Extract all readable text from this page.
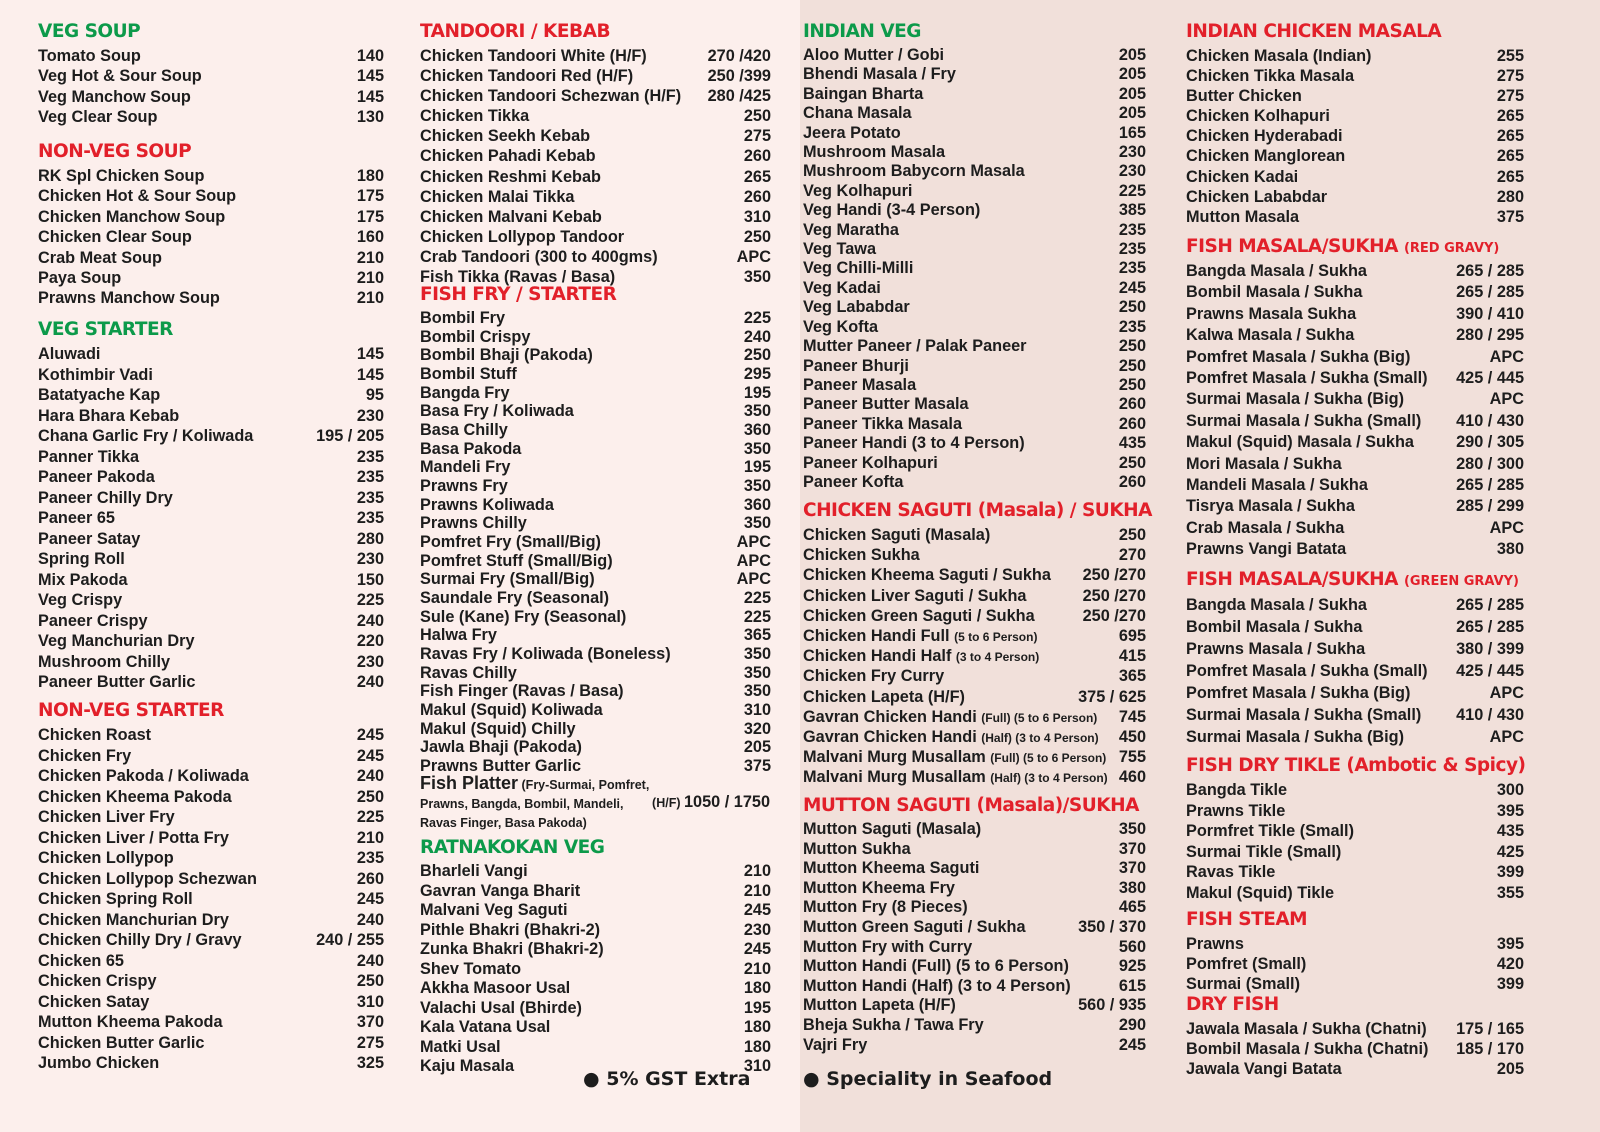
VEG SOUP
Tomato Soup	140
Veg Hot & Sour Soup	145
Veg Manchow Soup	145
Veg Clear Soup	130
NON-VEG SOUP
RK Spl Chicken Soup	180
Chicken Hot & Sour Soup	175
Chicken Manchow Soup	175
Chicken Clear Soup	160
Crab Meat Soup	210
Paya Soup	210
Prawns Manchow Soup	210
VEG STARTER
Aluwadi	145
Kothimbir Vadi	145
Batatyache Kap	95
Hara Bhara Kebab	230
Chana Garlic Fry / Koliwada	195 / 205
Panner Tikka	235
Paneer Pakoda	235
Paneer Chilly Dry	235
Paneer 65	235
Paneer Satay	280
Spring Roll	230
Mix Pakoda	150
Veg Crispy	225
Paneer Crispy	240
Veg Manchurian Dry	220
Mushroom Chilly	230
Paneer Butter Garlic	240
NON-VEG STARTER
Chicken Roast	245
Chicken Fry	245
Chicken Pakoda / Koliwada	240
Chicken Kheema Pakoda	250
Chicken Liver Fry	225
Chicken Liver / Potta Fry	210
Chicken Lollypop	235
Chicken Lollypop Schezwan	260
Chicken Spring Roll	245
Chicken Manchurian Dry	240
Chicken Chilly Dry / Gravy	240 / 255
Chicken 65	240
Chicken Crispy	250
Chicken Satay	310
Mutton Kheema Pakoda	370
Chicken Butter Garlic	275
Jumbo Chicken	325
TANDOORI / KEBAB
Chicken Tandoori White (H/F)	270 /420
Chicken Tandoori Red (H/F)	250 /399
Chicken Tandoori Schezwan (H/F) 280 /425
Chicken Tikka	250
Chicken Seekh Kebab	275
Chicken Pahadi Kebab	260
Chicken Reshmi Kebab	265
Chicken Malai Tikka	260
Chicken Malvani Kebab	310
Chicken Lollypop Tandoor	250
Crab Tandoori (300 to 400gms)	APC
Fish Tikka (Ravas / Basa)	350
FISH FRY / STARTER
Bombil Fry	225
Bombil Crispy	240
Bombil Bhaji (Pakoda)	250
Bombil Stuff	295
Bangda Fry	195
Basa Fry / Koliwada	350
Basa Chilly	360
Basa Pakoda	350
Mandeli Fry	195
Prawns Fry	350
Prawns Koliwada	360
Prawns Chilly	350
Pomfret Fry (Small/Big)	APC
Pomfret Stuff (Small/Big)	APC
Surmai Fry (Small/Big)	APC
Saundale Fry (Seasonal)	225
Sule (Kane) Fry (Seasonal)	225
Halwa Fry	365
Ravas Fry / Koliwada (Boneless)	350
Ravas Chilly	350
Fish Finger (Ravas / Basa)	350
Makul (Squid) Koliwada	310
Makul (Squid) Chilly	320
Jawla Bhaji (Pakoda)	205
Prawns Butter Garlic	375
Fish Platter (Fry-Surmai, Pomfret,
Prawns, Bangda, Bombil, Mandeli,
Ravas Finger, Basa Pakoda)
(H/F) 1050 / 1750
RATNAKOKAN VEG
Bharleli Vangi	210
Gavran Vanga Bharit	210
Malvani Veg Saguti	245
Pithle Bhakri (Bhakri-2)	230
Zunka Bhakri (Bhakri-2)	245
Shev Tomato	210
Akkha Masoor Usal	180
Valachi Usal (Bhirde)	195
Kala Vatana Usal	180
Matki Usal	180
Kaju Masala	310
INDIAN VEG
Aloo Mutter / Gobi	205
Bhendi Masala / Fry	205
Baingan Bharta	205
Chana Masala	205
Jeera Potato	165
Mushroom Masala	230
Mushroom Babycorn Masala	230
Veg Kolhapuri	225
Veg Handi (3-4 Person)	385
Veg Maratha	235
Veg Tawa	235
Veg Chilli-Milli	235
Veg Kadai	245
Veg Lababdar	250
Veg Kofta	235
Mutter Paneer / Palak Paneer	250
Paneer Bhurji	250
Paneer Masala	250
Paneer Butter Masala	260
Paneer Tikka Masala	260
Paneer Handi (3 to 4 Person)	435
Paneer Kolhapuri	250
Paneer Kofta	260
CHICKEN SAGUTI (Masala) / SUKHA
Chicken Saguti (Masala)	250
Chicken Sukha	270
Chicken Kheema Saguti / Sukha 250 /270
Chicken Liver Saguti / Sukha	250 /270
Chicken Green Saguti / Sukha	250 /270
Chicken Handi Full (5 to 6 Person)	695
Chicken Handi Half (3 to 4 Person)	415
Chicken Fry Curry	365
Chicken Lapeta (H/F)	375 / 625
Gavran Chicken Handi (Full) (5 to 6 Person) 745
Gavran Chicken Handi (Half) (3 to 4 Person) 450
Malvani Murg Musallam (Full) (5 to 6 Person) 755
Malvani Murg Musallam (Half) (3 to 4 Person) 460
MUTTON SAGUTI (Masala)/SUKHA
Mutton Saguti (Masala)	350
Mutton Sukha	370
Mutton Kheema Saguti	370
Mutton Kheema Fry	380
Mutton Fry (8 Pieces)	465
Mutton Green Saguti / Sukha	350 / 370
Mutton Fry with Curry	560
Mutton Handi (Full) (5 to 6 Person)	925
Mutton Handi (Half) (3 to 4 Person)	615
Mutton Lapeta (H/F)	560 / 935
Bheja Sukha / Tawa Fry	290
Vajri Fry	245
INDIAN CHICKEN MASALA
Chicken Masala (Indian)	255
Chicken Tikka Masala	275
Butter Chicken	275
Chicken Kolhapuri	265
Chicken Hyderabadi	265
Chicken Manglorean	265
Chicken Kadai	265
Chicken Lababdar	280
Mutton Masala	375
FISH MASALA/SUKHA (RED GRAVY)
Bangda Masala / Sukha	265 / 285
Bombil Masala / Sukha	265 / 285
Prawns Masala Sukha	390 / 410
Kalwa Masala / Sukha	280 / 295
Pomfret Masala / Sukha (Big)	APC
Pomfret Masala / Sukha (Small) 425 / 445
Surmai Masala / Sukha (Big)	APC
Surmai Masala / Sukha (Small) 410 / 430
Makul (Squid) Masala / Sukha	290 / 305
Mori Masala / Sukha	280 / 300
Mandeli Masala / Sukha	265 / 285
Tisrya Masala / Sukha	285 / 299
Crab Masala / Sukha	APC
Prawns Vangi Batata	380
FISH MASALA/SUKHA (GREEN GRAVY)
Bangda Masala / Sukha	265 / 285
Bombil Masala / Sukha	265 / 285
Prawns Masala / Sukha	380 / 399
Pomfret Masala / Sukha (Small) 425 / 445
Pomfret Masala / Sukha (Big)	APC
Surmai Masala / Sukha (Small) 410 / 430
Surmai Masala / Sukha (Big)	APC
FISH DRY TIKLE (Ambotic & Spicy)
Bangda Tikle	300
Prawns Tikle	395
Pormfret Tikle (Small)	435
Surmai Tikle (Small)	425
Ravas Tikle	399
Makul (Squid) Tikle	355
FISH STEAM
Prawns	395
Pomfret (Small)	420
Surmai (Small)	399
DRY FISH
Jawala Masala / Sukha (Chatni) 175 / 165
Bombil Masala / Sukha (Chatni) 185 / 170
Jawala Vangi Batata	205
● 5% GST Extra	● Speciality in Seafood
